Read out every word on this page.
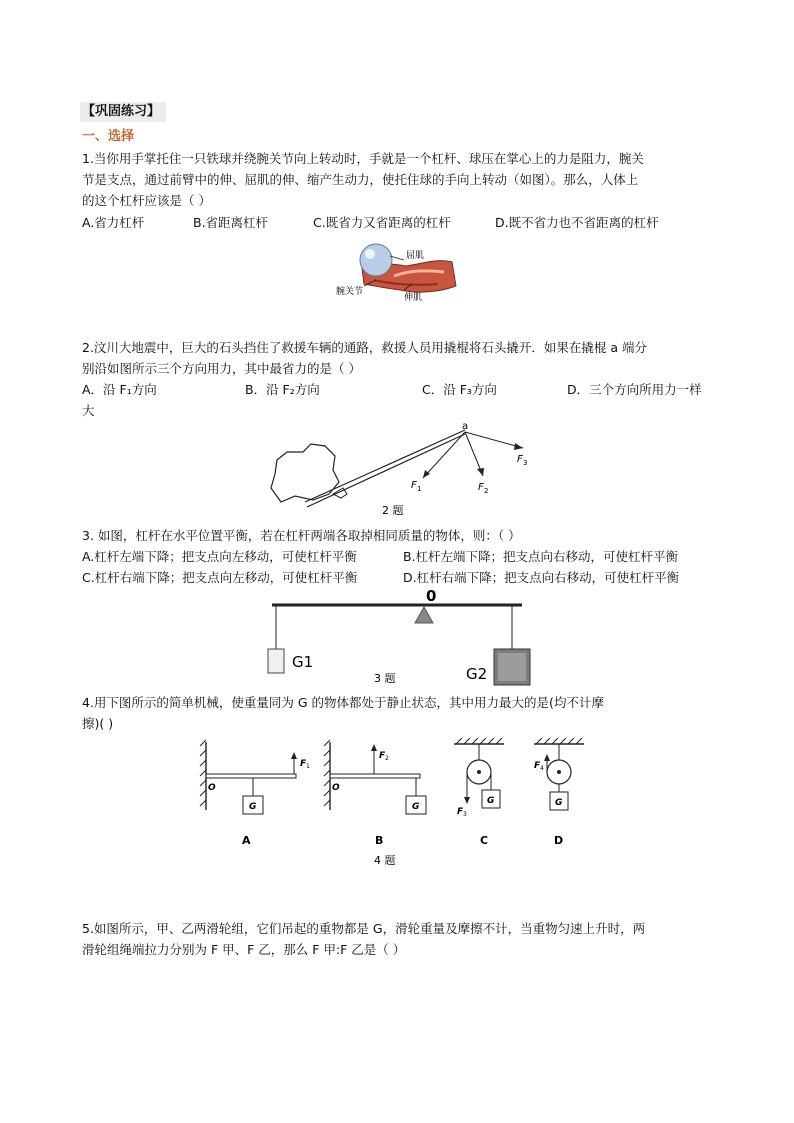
【巩固练习】
一、选择
1.当你用手掌托住一只铁球并绕腕关节向上转动时，手就是一个杠杆、球压在掌心上的力是阻力，腕关
节是支点，通过前臂中的伸、屈肌的伸、缩产生动力，使托住球的手向上转动（如图）。那么，人体上
的这个杠杆应该是（ ）
A.省力杠杆	B.省距离杠杆	C.既省力又省距离的杠杆	D.既不省力也不省距离的杠杆
屈肌
腕关节
伸肌
2.汶川大地震中，巨大的石头挡住了救援车辆的通路，救援人员用撬棍将石头撬开．如果在撬棍 a 端分
别沿如图所示三个方向用力，其中最省力的是（ ）
A．沿 F₁方向	B．沿 F₂方向	C．沿 F₃方向	D．三个方向所用力一样
大
a
F 1	F 2
F 3
2 题
3. 如图，杠杆在水平位置平衡，若在杠杆两端各取掉相同质量的物体，则：（ ）
A.杠杆左端下降；把支点向左移动，可使杠杆平衡	B.杠杆左端下降；把支点向右移动，可使杠杆平衡
C.杠杆右端下降；把支点向左移动，可使杠杆平衡	D.杠杆右端下降；把支点向右移动，可使杠杆平衡
0
G1
G2
3 题
4.用下图所示的简单机械，使重量同为 G 的物体都处于静止状态，其中用力最大的是(均不计摩
擦)( )
G
F 1
O
A
F 2
G
O
B
F 3
G
C
F 4
G
D
4 题
5.如图所示，甲、乙两滑轮组，它们吊起的重物都是 G，滑轮重量及摩擦不计，当重物匀速上升时，两
滑轮组绳端拉力分别为 F 甲、F 乙，那么 F 甲:F 乙是（ ）
